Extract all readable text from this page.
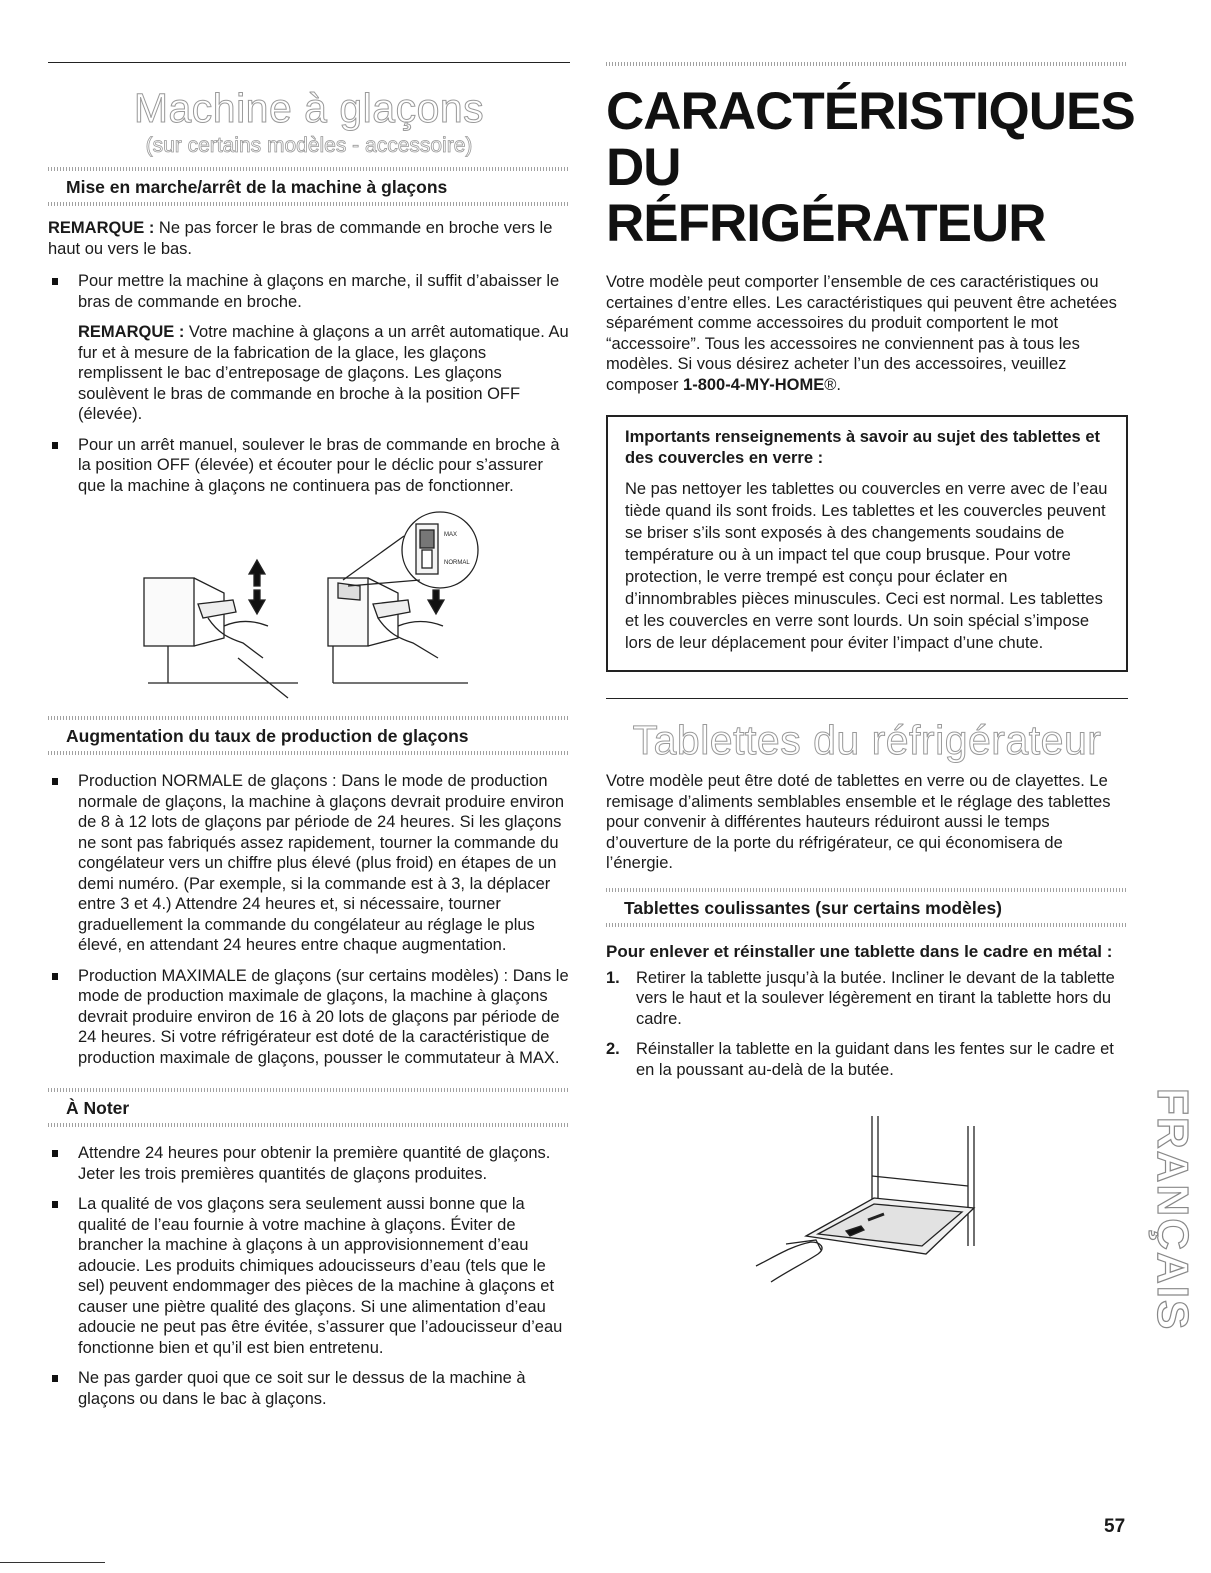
Machine à glaçons

(sur certains modèles - accessoire)

Mise en marche/arrêt de la machine à glaçons

REMARQUE : Ne pas forcer le bras de commande en broche vers le haut ou vers le bas.

Pour mettre la machine à glaçons en marche, il suffit d’abaisser le bras de commande en broche.
REMARQUE : Votre machine à glaçons a un arrêt automatique. Au fur et à mesure de la fabrication de la glace, les glaçons remplissent le bac d’entreposage de glaçons. Les glaçons soulèvent le bras de commande en broche à la position OFF (élevée).
Pour un arrêt manuel, soulever le bras de commande en broche à la position OFF (élevée) et écouter pour le déclic pour s’assurer que la machine à glaçons ne continuera pas de fonctionner.
MAX
NORMAL

Augmentation du taux de production de glaçons

Production NORMALE de glaçons : Dans le mode de production normale de glaçons, la machine à glaçons devrait produire environ de 8 à 12 lots de glaçons par période de 24 heures. Si les glaçons ne sont pas fabriqués assez rapidement, tourner la commande du congélateur vers un chiffre plus élevé (plus froid) en étapes de un demi numéro. (Par exemple, si la commande est à 3, la déplacer entre 3 et 4.) Attendre 24 heures et, si nécessaire, tourner graduellement la commande du congélateur au réglage le plus élevé, en attendant 24 heures entre chaque augmentation.
Production MAXIMALE de glaçons (sur certains modèles) : Dans le mode de production maximale de glaçons, la machine à glaçons devrait produire environ de 16 à 20 lots de glaçons par période de 24 heures. Si votre réfrigérateur est doté de la caractéristique de production maximale de glaçons, pousser le commutateur à MAX.

À Noter

Attendre 24 heures pour obtenir la première quantité de glaçons. Jeter les trois premières quantités de glaçons produites.
La qualité de vos glaçons sera seulement aussi bonne que la qualité de l’eau fournie à votre machine à glaçons. Éviter de brancher la machine à glaçons à un approvisionnement d’eau adoucie. Les produits chimiques adoucisseurs d’eau (tels que le sel) peuvent endommager des pièces de la machine à glaçons et causer une piètre qualité des glaçons. Si une alimentation d’eau adoucie ne peut pas être évitée, s’assurer que l’adoucisseur d’eau fonctionne bien et qu’il est bien entretenu.
Ne pas garder quoi que ce soit sur le dessus de la machine à glaçons ou dans le bac à glaçons.

CARACTÉRISTIQUES

DU RÉFRIGÉRATEUR

Votre modèle peut comporter l’ensemble de ces caractéristiques ou certaines d’entre elles. Les caractéristiques qui peuvent être achetées séparément comme accessoires du produit comportent le mot “accessoire”. Tous les accessoires ne conviennent pas à tous les modèles. Si vous désirez acheter l’un des accessoires, veuillez composer 1-800-4-MY-HOME®.

Importants renseignements à savoir au sujet des tablettes et des couvercles en verre :

Ne pas nettoyer les tablettes ou couvercles en verre avec de l’eau tiède quand ils sont froids. Les tablettes et les couvercles peuvent se briser s’ils sont exposés à des changements soudains de température ou à un impact tel que coup brusque. Pour votre protection, le verre trempé est conçu pour éclater en d’innombrables pièces minuscules. Ceci est normal. Les tablettes et les couvercles en verre sont lourds. Un soin spécial s’impose lors de leur déplacement pour éviter l’impact d’une chute.

Tablettes du réfrigérateur

Votre modèle peut être doté de tablettes en verre ou de clayettes. Le remisage d’aliments semblables ensemble et le réglage des tablettes pour convenir à différentes hauteurs réduiront aussi le temps d’ouverture de la porte du réfrigérateur, ce qui économisera de l’énergie.

Tablettes coulissantes (sur certains modèles)

Pour enlever et réinstaller une tablette dans le cadre en métal :

1. Retirer la tablette jusqu’à la butée. Incliner le devant de la tablette vers le haut et la soulever légèrement en tirant la tablette hors du cadre.
2. Réinstaller la tablette en la guidant dans les fentes sur le cadre et en la poussant au-delà de la butée.
FRANÇAIS
57
